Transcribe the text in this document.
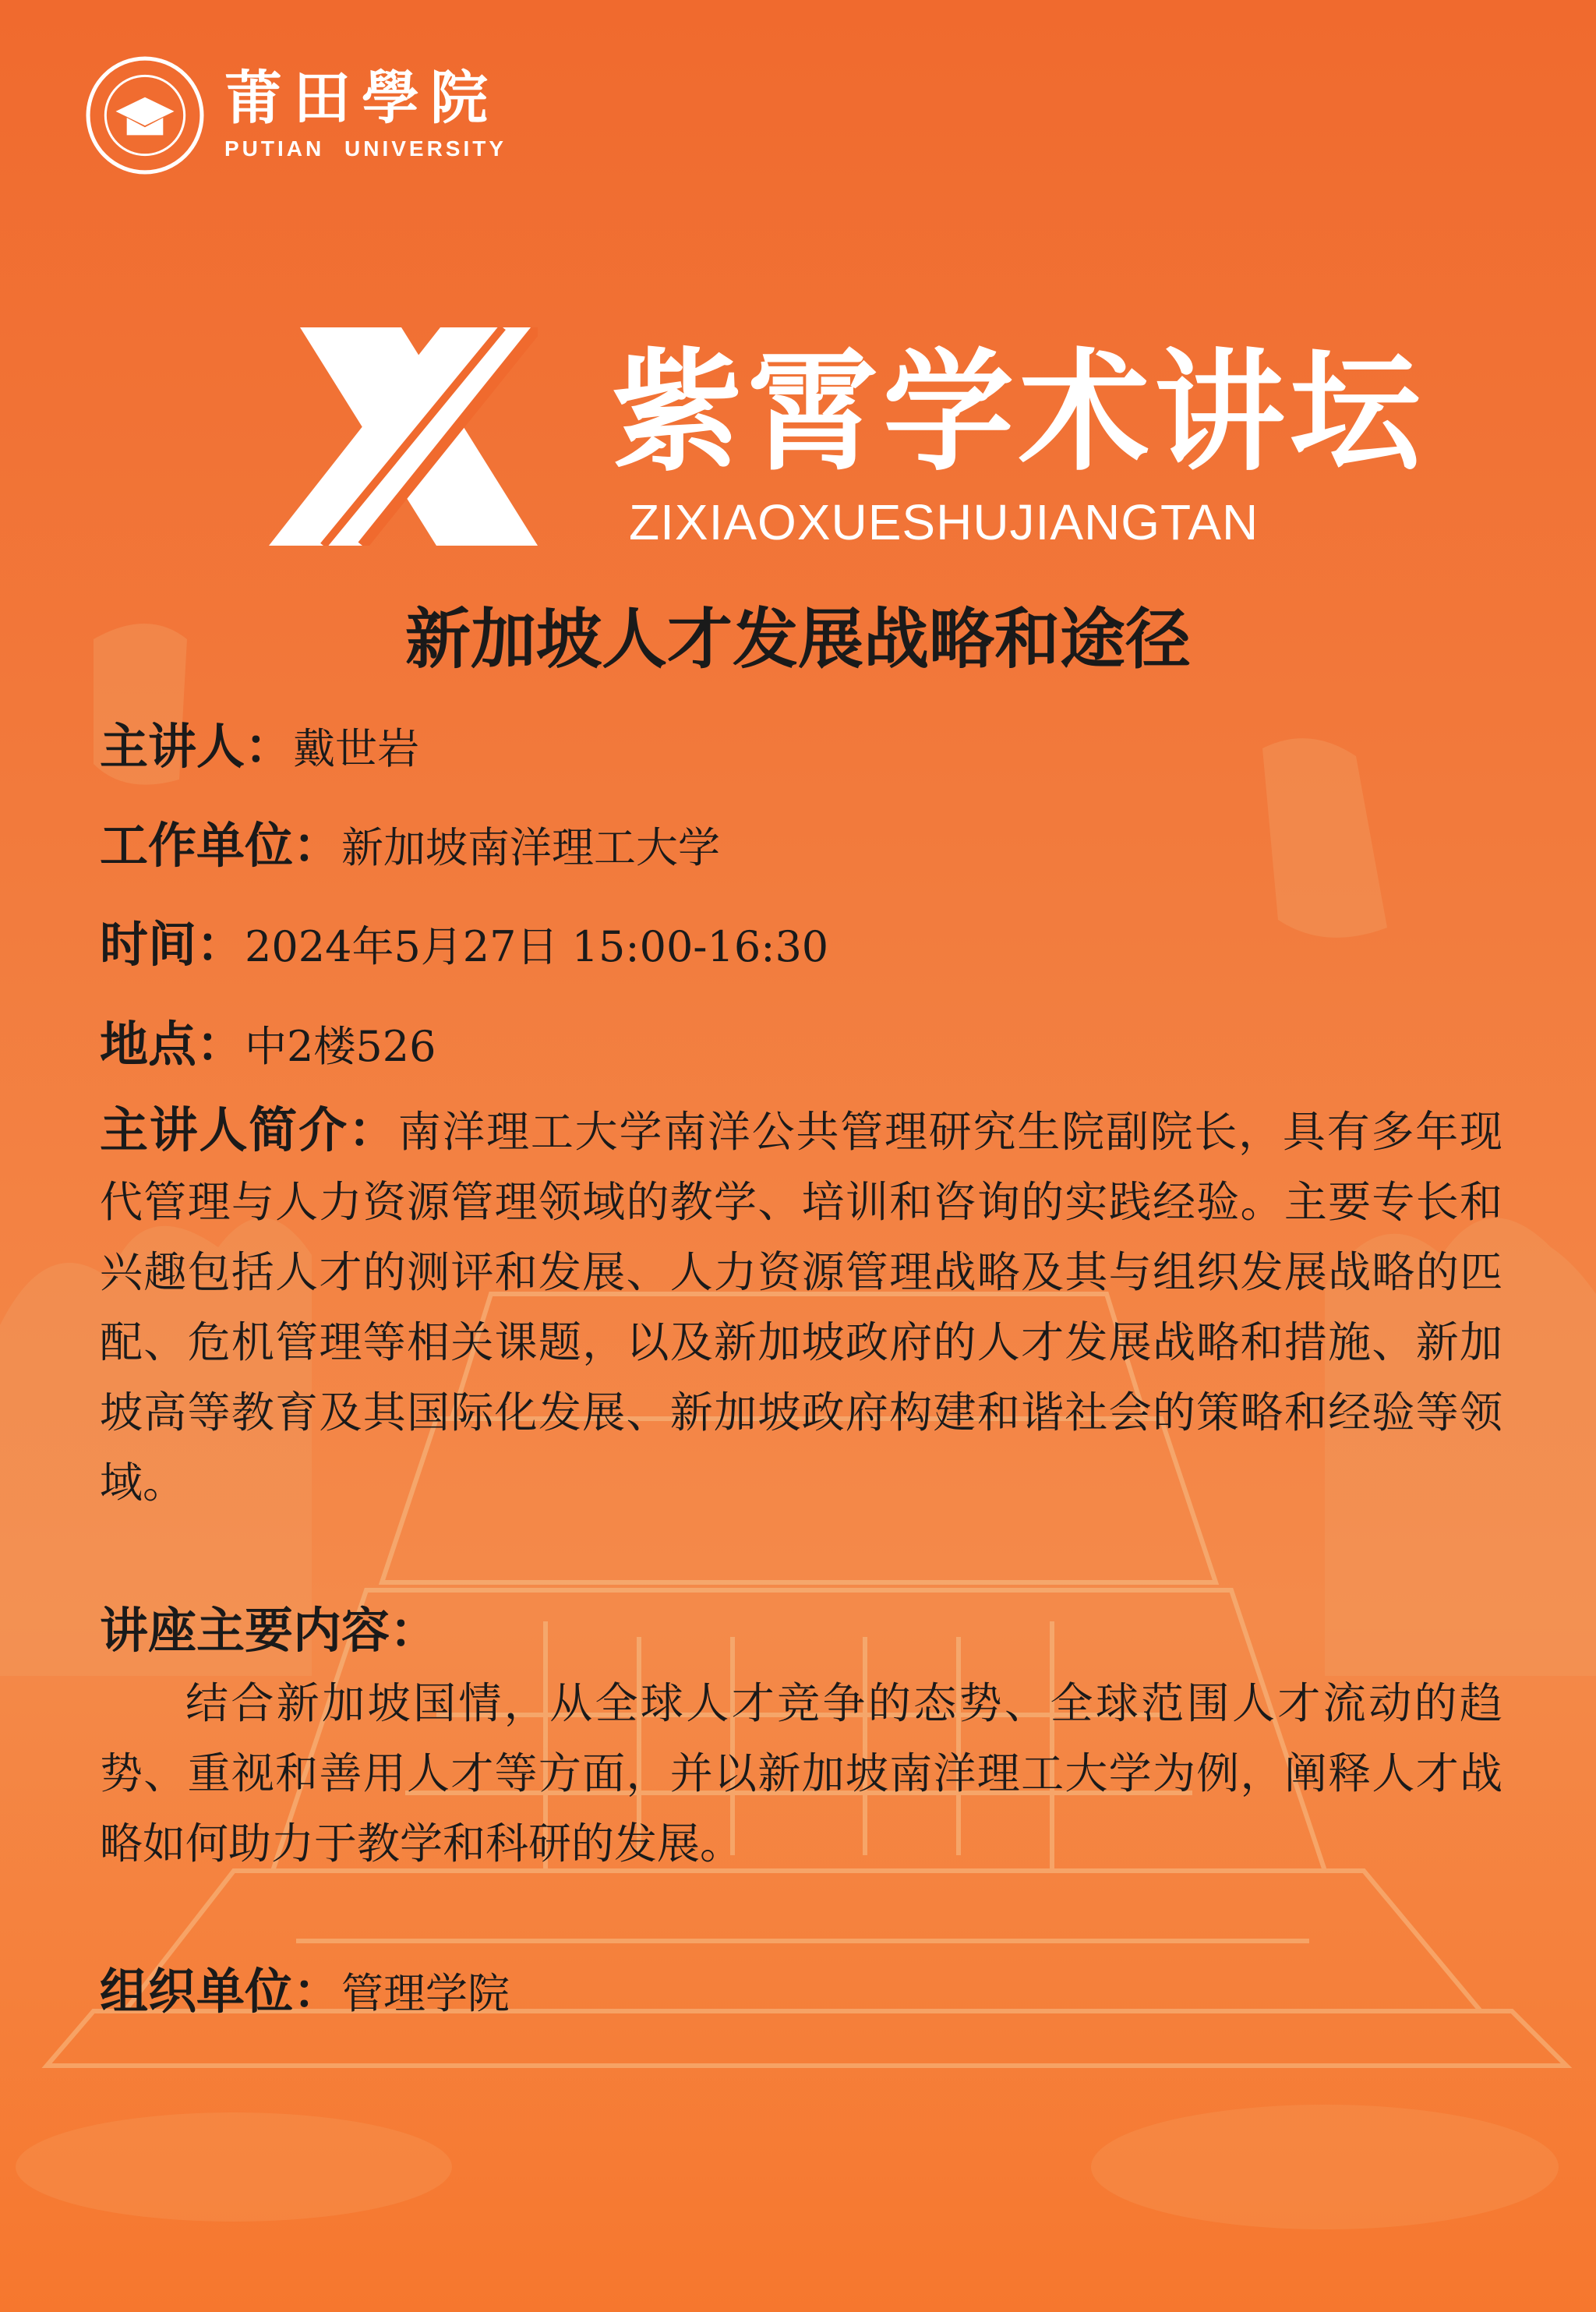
莆田學院
PUTIAN UNIVERSITY
紫霄学术讲坛
ZIXIAOXUESHUJIANGTAN
新加坡人才发展战略和途径
主讲人：戴世岩
工作单位：新加坡南洋理工大学
时间：2024年5月27日 15:00-16:30
地点：中2楼526
主讲人简介：南洋理工大学南洋公共管理研究生院副院长，具有多年现代管理与人力资源管理领域的教学、培训和咨询的实践经验。主要专长和兴趣包括人才的测评和发展、人力资源管理战略及其与组织发展战略的匹配、危机管理等相关课题，以及新加坡政府的人才发展战略和措施、新加坡高等教育及其国际化发展、新加坡政府构建和谐社会的策略和经验等领域。
讲座主要内容：
结合新加坡国情，从全球人才竞争的态势、全球范围人才流动的趋势、重视和善用人才等方面，并以新加坡南洋理工大学为例，阐释人才战略如何助力于教学和科研的发展。
组织单位：管理学院
